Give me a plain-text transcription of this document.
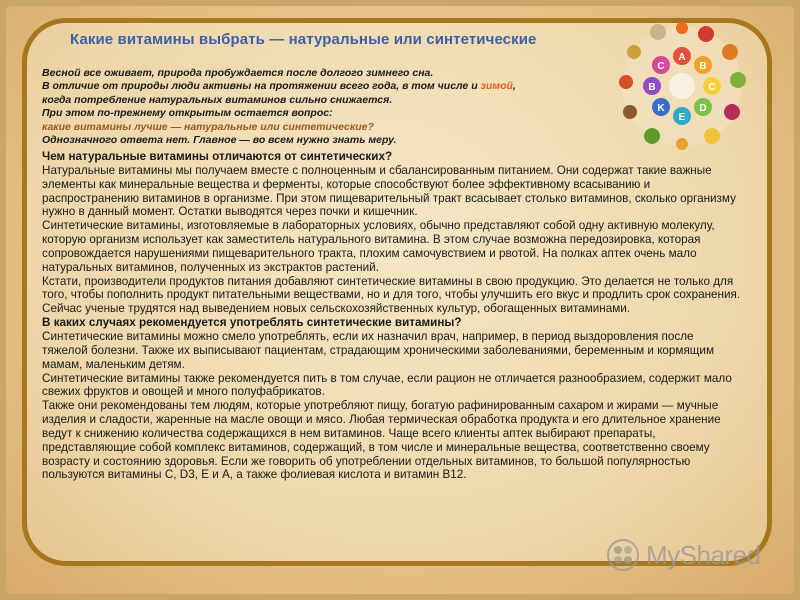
Какие витамины выбрать — натуральные или синтетические
Весной все оживает, природа пробуждается после долгого зимнего сна.
В отличие от природы люди активны на протяжении всего года, в том числе и зимой,
когда потребление натуральных витаминов сильно снижается.
При этом по-прежнему открытым остается вопрос:
какие витамины лучше — натуральные или синтетические?
Однозначного ответа нет. Главное — во всем нужно знать меру.

Чем натуральные витамины отличаются от синтетических?

Натуральные витамины мы получаем вместе с полноценным и сбалансированным питанием. Они содержат такие важные элементы как минеральные вещества и ферменты, которые способствуют более эффективному всасыванию и распространению витаминов в организме. При этом пищеварительный тракт всасывает столько витаминов, сколько организму нужно в данный момент. Остатки выводятся через почки и кишечник.

Синтетические витамины, изготовляемые в лабораторных условиях, обычно представляют собой одну активную молекулу, которую организм использует как заместитель натурального витамина. В этом случае возможна передозировка, которая сопровождается нарушениями пищеварительного тракта, плохим самочувствием и рвотой. На полках аптек очень мало натуральных витаминов, полученных из экстрактов растений.

Кстати, производители продуктов питания добавляют синтетические витамины в свою продукцию. Это делается не только для того, чтобы пополнить продукт питательными веществами, но и для того, чтобы улучшить его вкус и продлить срок сохранения. Сейчас ученые трудятся над выведением новых сельскохозяйственных культур, обогащенных витаминами.

В каких случаях рекомендуется употреблять синтетические витамины?

Синтетические витамины можно смело употреблять, если их назначил врач, например, в период выздоровления после тяжелой болезни. Также их выписывают пациентам, страдающим хроническими заболеваниями, беременным и кормящим мамам, маленьким детям.

Синтетические витамины также рекомендуется пить в том случае, если рацион не отличается разнообразием, содержит мало свежих фруктов и овощей и много полуфабрикатов.

Также они рекомендованы тем людям, которые употребляют пищу, богатую рафинированным сахаром и жирами — мучные изделия и сладости, жаренные на масле овощи и мясо. Любая термическая обработка продукта и его длительное хранение ведут к снижению количества содержащихся в нем витаминов. Чаще всего клиенты аптек выбирают препараты, представляющие собой комплекс витаминов, содержащий, в том числе и минеральные вещества, соответственно своему возрасту и состоянию здоровья. Если же говорить об употреблении отдельных витаминов, то большой популярностью пользуются витамины С, D3, Е и А, а также фолиевая кислота и витамин В12.

A
B
C
D
E
K
B
C
MyShared
